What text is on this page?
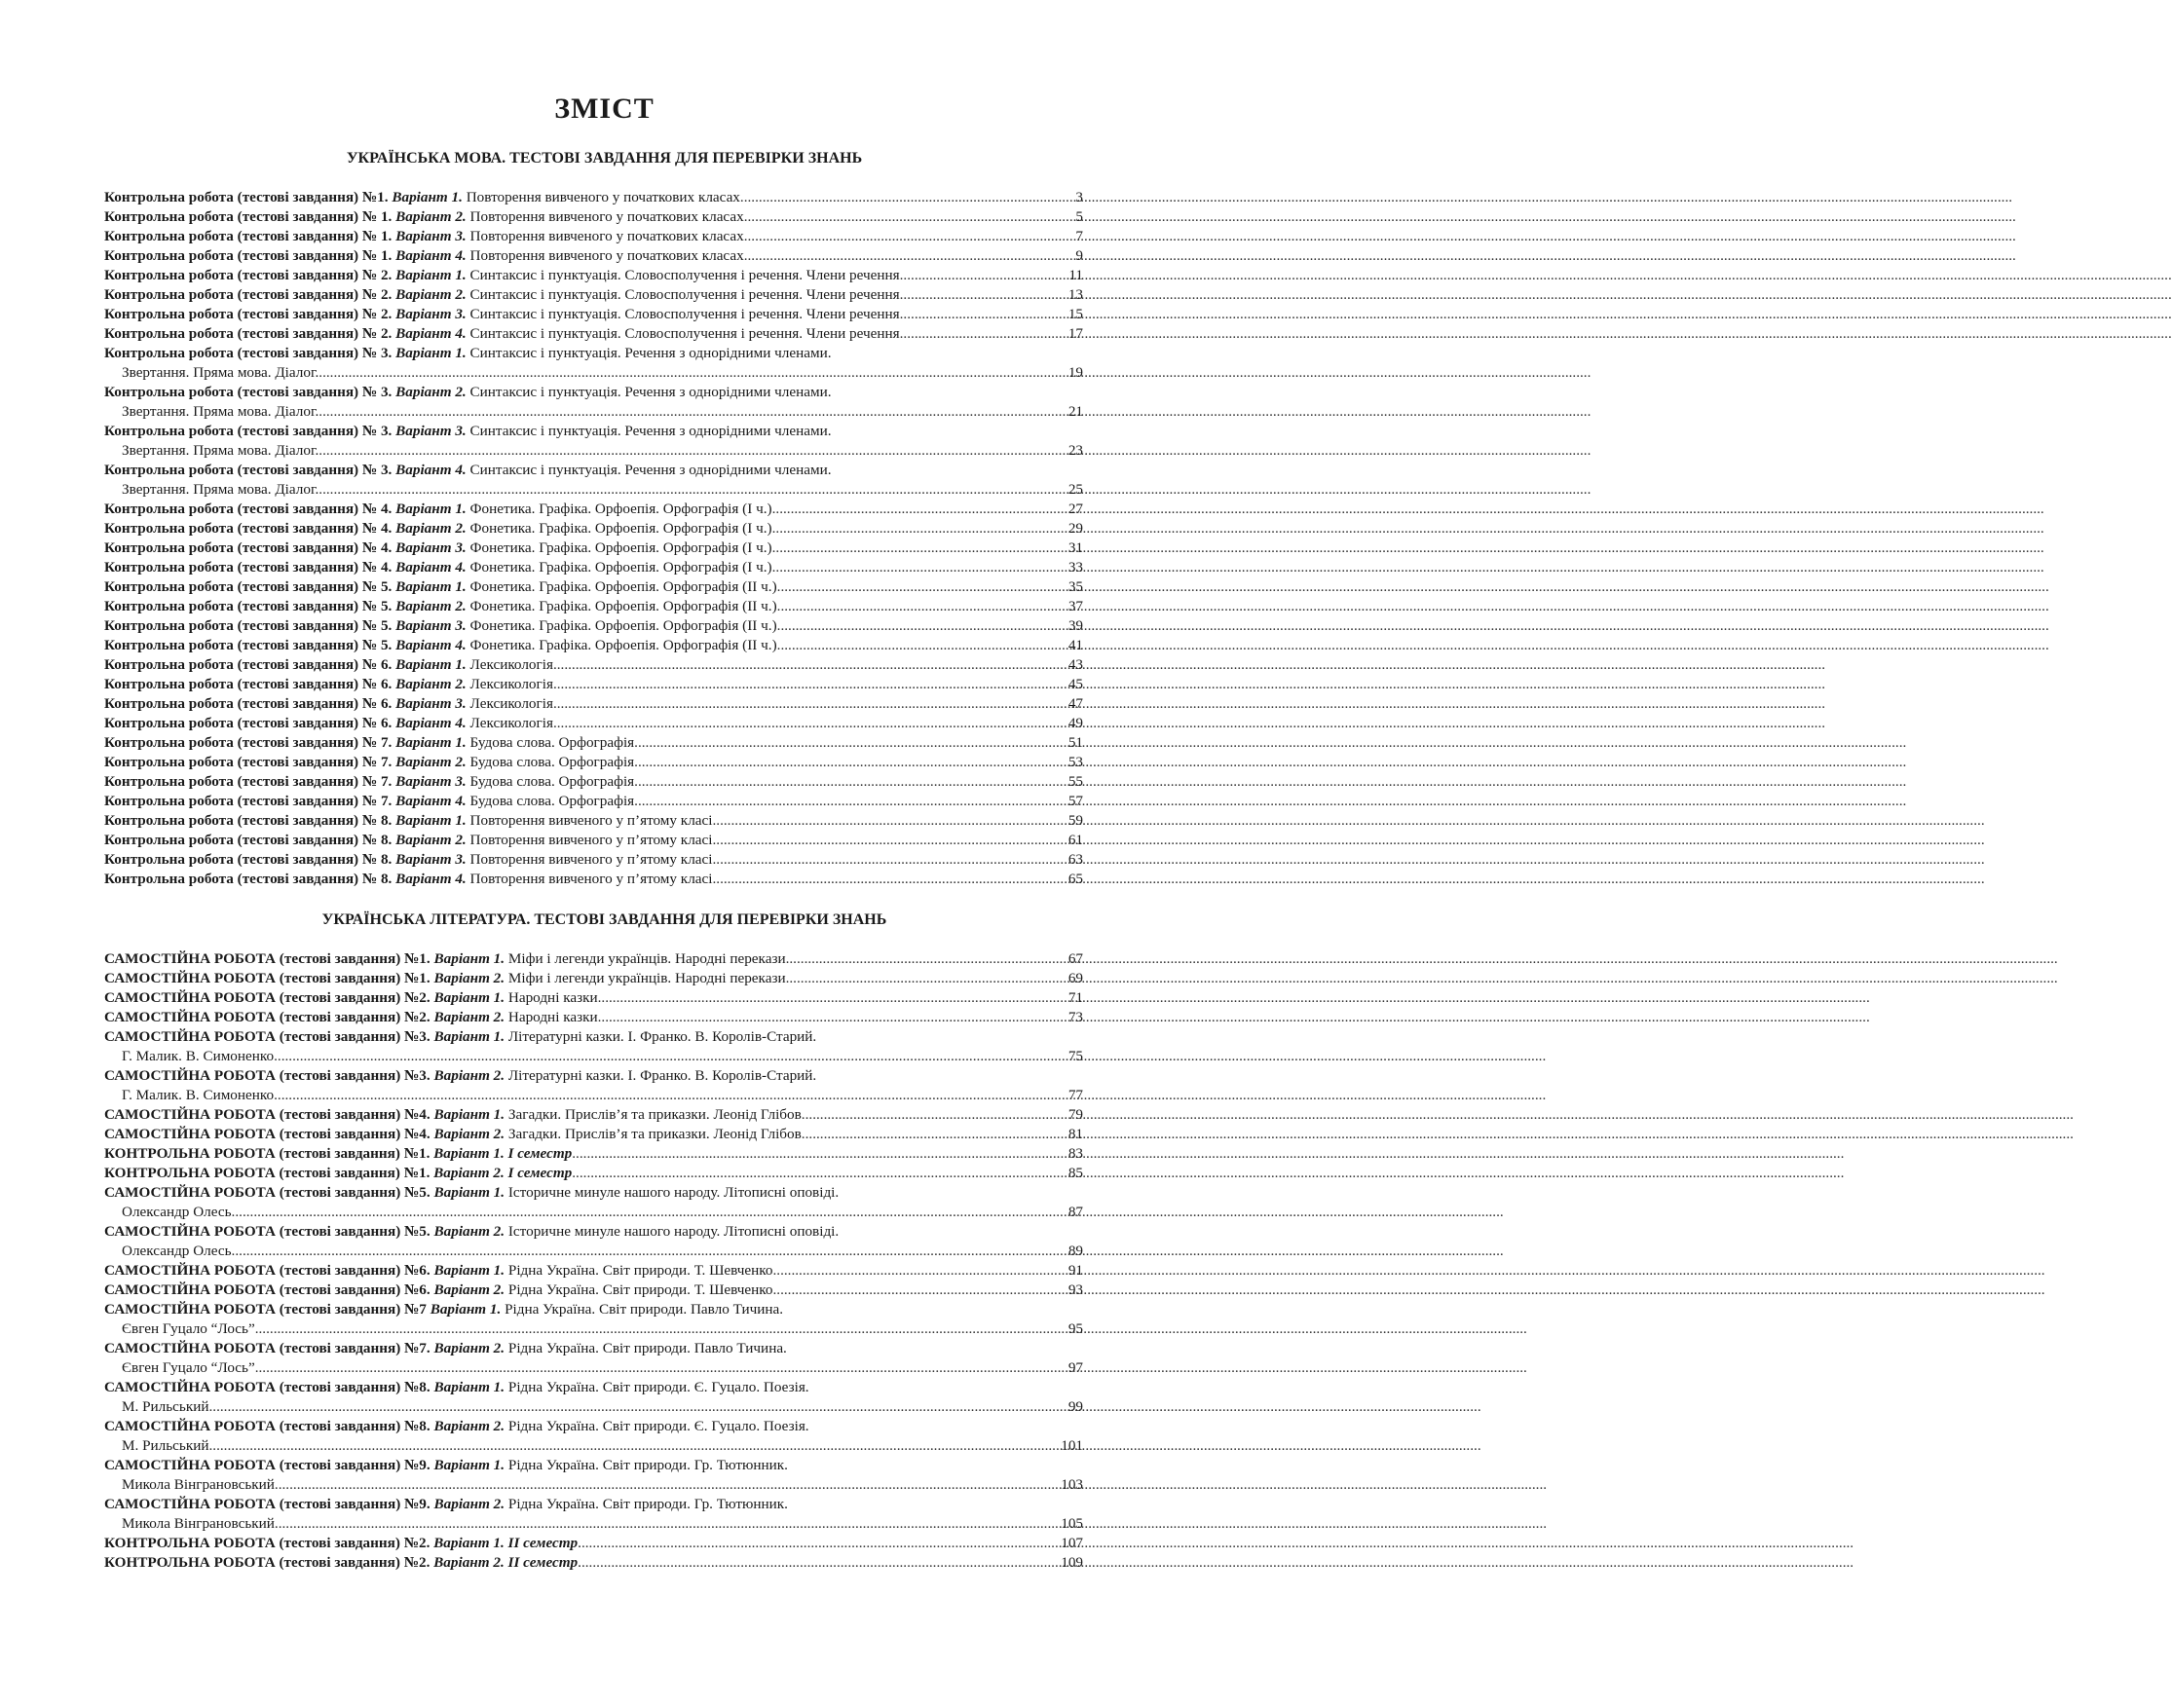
ЗМІСТ
УКРАЇНСЬКА МОВА. ТЕСТОВІ ЗАВДАННЯ ДЛЯ ПЕРЕВІРКИ ЗНАНЬ
Контрольна робота (тестові завдання) №1. Варіант 1. Повторення вивченого у початкових класах .....	3
Контрольна робота (тестові завдання) № 1. Варіант 2. Повторення вивченого у початкових класах .....	5
Контрольна робота (тестові завдання) № 1. Варіант 3. Повторення вивченого у початкових класах .....	7
Контрольна робота (тестові завдання) № 1. Варіант 4. Повторення вивченого у початкових класах .....	9
Контрольна робота (тестові завдання) № 2. Варіант 1. Синтаксис і пунктуація. Словосполучення і речення. Члени речення .....	11
Контрольна робота (тестові завдання) № 2. Варіант 2. Синтаксис і пунктуація. Словосполучення і речення. Члени речення .....	13
Контрольна робота (тестові завдання) № 2. Варіант 3. Синтаксис і пунктуація. Словосполучення і речення. Члени речення .....	15
Контрольна робота (тестові завдання) № 2. Варіант 4. Синтаксис і пунктуація. Словосполучення і речення. Члени речення .....	17
Контрольна робота (тестові завдання) № 3. Варіант 1. Синтаксис і пунктуація. Речення з однорідними членами.
Звертання. Пряма мова. Діалог. .....	19
Контрольна робота (тестові завдання) № 3. Варіант 2. Синтаксис і пунктуація. Речення з однорідними членами.
Звертання. Пряма мова. Діалог. .....	21
Контрольна робота (тестові завдання) № 3. Варіант 3. Синтаксис і пунктуація. Речення з однорідними членами.
Звертання. Пряма мова. Діалог. .....	23
Контрольна робота (тестові завдання) № 3. Варіант 4. Синтаксис і пунктуація. Речення з однорідними членами.
Звертання. Пряма мова. Діалог. .....	25
Контрольна робота (тестові завдання) № 4. Варіант 1. Фонетика. Графіка. Орфоепія. Орфографія (І ч.) .....	27
Контрольна робота (тестові завдання) № 4. Варіант 2. Фонетика. Графіка. Орфоепія. Орфографія (І ч.) .....	29
Контрольна робота (тестові завдання) № 4. Варіант 3. Фонетика. Графіка. Орфоепія. Орфографія (І ч.) .....	31
Контрольна робота (тестові завдання) № 4. Варіант 4. Фонетика. Графіка. Орфоепія. Орфографія (І ч.) .....	33
Контрольна робота (тестові завдання) № 5. Варіант 1. Фонетика. Графіка. Орфоепія. Орфографія (ІІ ч.) .....	35
Контрольна робота (тестові завдання) № 5. Варіант 2. Фонетика. Графіка. Орфоепія. Орфографія (ІІ ч.) .....	37
Контрольна робота (тестові завдання) № 5. Варіант 3. Фонетика. Графіка. Орфоепія. Орфографія (ІІ ч.) .....	39
Контрольна робота (тестові завдання) № 5. Варіант 4. Фонетика. Графіка. Орфоепія. Орфографія (ІІ ч.) .....	41
Контрольна робота (тестові завдання) № 6. Варіант 1. Лексикологія .....	43
Контрольна робота (тестові завдання) № 6. Варіант 2. Лексикологія .....	45
Контрольна робота (тестові завдання) № 6. Варіант 3. Лексикологія .....	47
Контрольна робота (тестові завдання) № 6. Варіант 4. Лексикологія .....	49
Контрольна робота (тестові завдання) № 7. Варіант 1. Будова слова. Орфографія .....	51
Контрольна робота (тестові завдання) № 7. Варіант 2. Будова слова. Орфографія .....	53
Контрольна робота (тестові завдання) № 7. Варіант 3. Будова слова. Орфографія .....	55
Контрольна робота (тестові завдання) № 7. Варіант 4. Будова слова. Орфографія .....	57
Контрольна робота (тестові завдання) № 8. Варіант 1. Повторення вивченого у п’ятому класі .....	59
Контрольна робота (тестові завдання) № 8. Варіант 2. Повторення вивченого у п’ятому класі .....	61
Контрольна робота (тестові завдання) № 8. Варіант 3. Повторення вивченого у п’ятому класі .....	63
Контрольна робота (тестові завдання) № 8. Варіант 4. Повторення вивченого у п’ятому класі .....	65
УКРАЇНСЬКА ЛІТЕРАТУРА. ТЕСТОВІ ЗАВДАННЯ ДЛЯ ПЕРЕВІРКИ ЗНАНЬ
САМОСТІЙНА РОБОТА (тестові завдання) №1. Варіант 1. Міфи і легенди українців. Народні перекази .....	67
САМОСТІЙНА РОБОТА (тестові завдання) №1. Варіант 2. Міфи і легенди українців. Народні перекази .....	69
САМОСТІЙНА РОБОТА (тестові завдання) №2. Варіант 1. Народні казки .....	71
САМОСТІЙНА РОБОТА (тестові завдання) №2. Варіант 2. Народні казки .....	73
САМОСТІЙНА РОБОТА (тестові завдання) №3. Варіант 1. Літературні казки. І. Франко. В. Королів-Старий.
Г. Малик. В. Симоненко .....	75
САМОСТІЙНА РОБОТА (тестові завдання) №3. Варіант 2. Літературні казки. І. Франко. В. Королів-Старий.
Г. Малик. В. Симоненко .....	77
САМОСТІЙНА РОБОТА (тестові завдання) №4. Варіант 1. Загадки. Прислів’я та приказки. Леонід Глібов .....	79
САМОСТІЙНА РОБОТА (тестові завдання) №4. Варіант 2. Загадки. Прислів’я та приказки. Леонід Глібов .....	81
КОНТРОЛЬНА РОБОТА (тестові завдання) №1. Варіант 1. І семестр .....	83
КОНТРОЛЬНА РОБОТА (тестові завдання) №1. Варіант 2. І семестр .....	85
САМОСТІЙНА РОБОТА (тестові завдання) №5. Варіант 1. Історичне минуле нашого народу. Літописні оповіді.
Олександр Олесь .....	87
САМОСТІЙНА РОБОТА (тестові завдання) №5. Варіант 2. Історичне минуле нашого народу. Літописні оповіді.
Олександр Олесь .....	89
САМОСТІЙНА РОБОТА (тестові завдання) №6. Варіант 1. Рідна Україна. Світ природи. Т. Шевченко .....	91
САМОСТІЙНА РОБОТА (тестові завдання) №6. Варіант 2. Рідна Україна. Світ природи. Т. Шевченко .....	93
САМОСТІЙНА РОБОТА (тестові завдання) №7 Варіант 1. Рідна Україна. Світ природи. Павло Тичина.
Євген Гуцало “Лось” .....	95
САМОСТІЙНА РОБОТА (тестові завдання) №7. Варіант 2. Рідна Україна. Світ природи. Павло Тичина.
Євген Гуцало “Лось” .....	97
САМОСТІЙНА РОБОТА (тестові завдання) №8. Варіант 1. Рідна Україна. Світ природи. Є. Гуцало. Поезія.
М. Рильський .....	99
САМОСТІЙНА РОБОТА (тестові завдання) №8. Варіант 2. Рідна Україна. Світ природи. Є. Гуцало. Поезія.
М. Рильський .....	101
САМОСТІЙНА РОБОТА (тестові завдання) №9. Варіант 1. Рідна Україна. Світ природи. Гр. Тютюнник.
Микола Вінграновський .....	103
САМОСТІЙНА РОБОТА (тестові завдання) №9. Варіант 2. Рідна Україна. Світ природи. Гр. Тютюнник.
Микола Вінграновський .....	105
КОНТРОЛЬНА РОБОТА (тестові завдання) №2. Варіант 1. ІІ семестр. .....	107
КОНТРОЛЬНА РОБОТА (тестові завдання) №2. Варіант 2. ІІ семестр. .....	109
